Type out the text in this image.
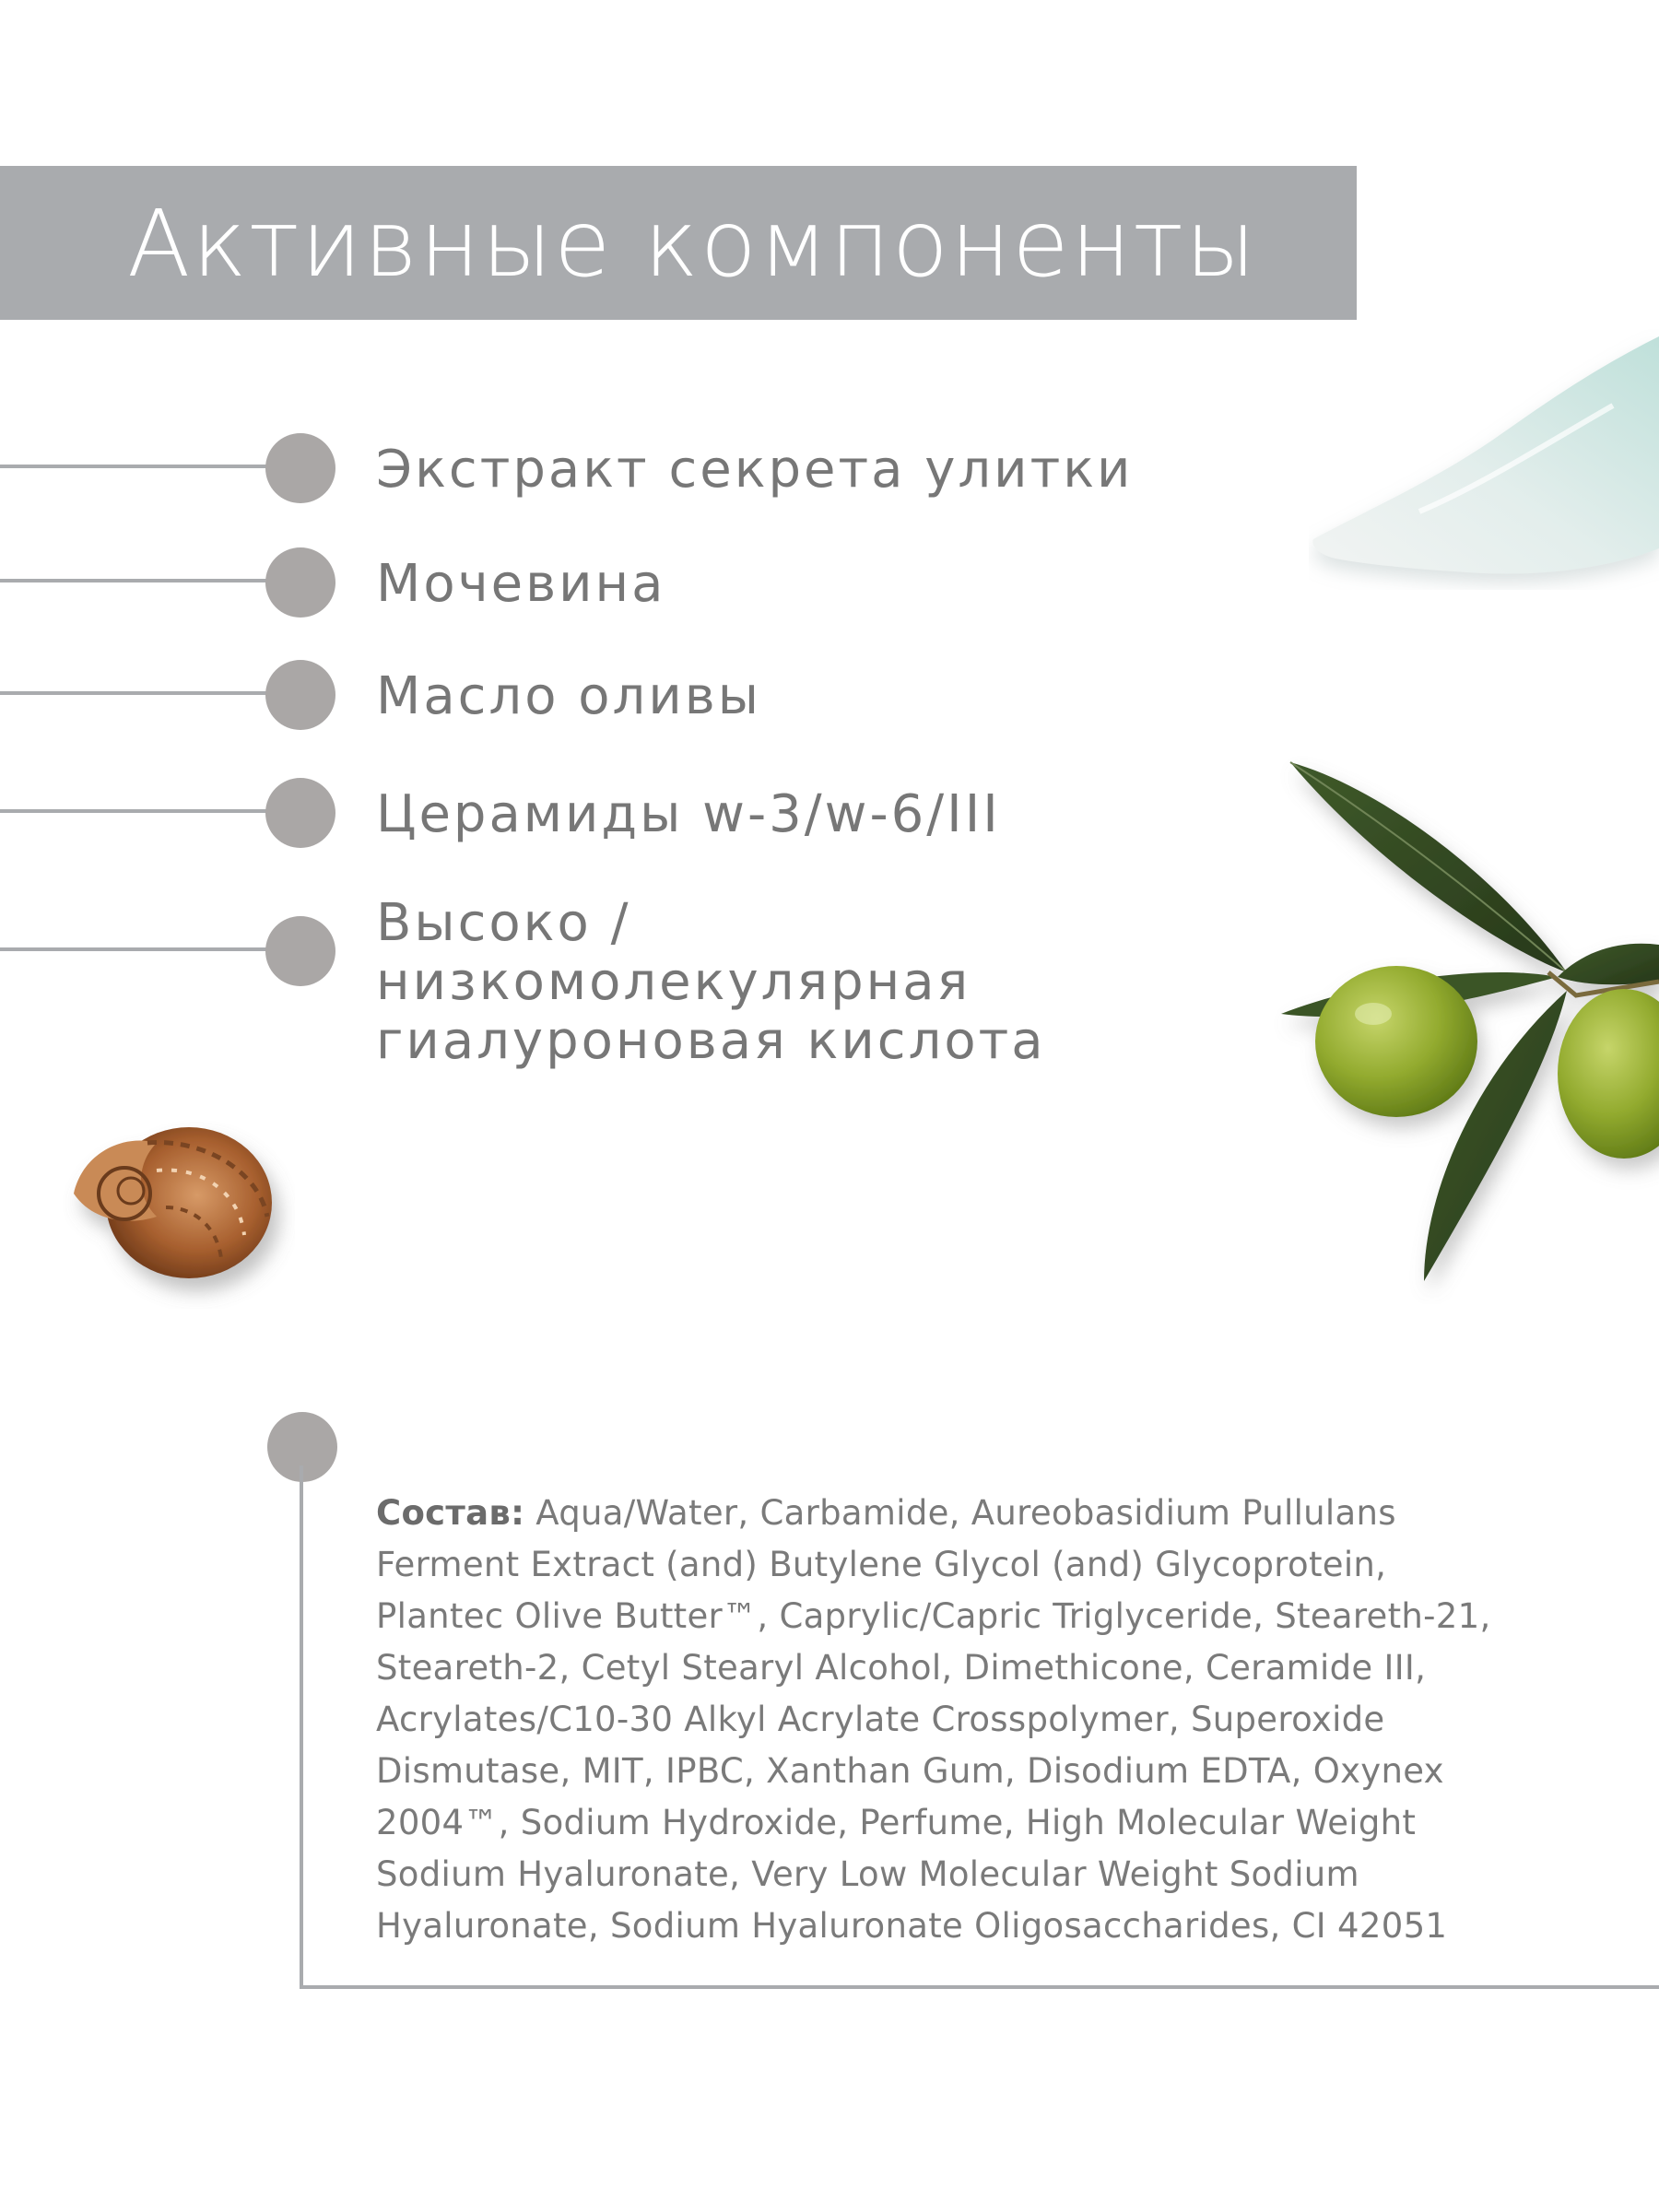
Активные компоненты
Экстракт секрета улитки
Мочевина
Масло оливы
Церамиды w-3/w-6/III
Высоко / низкомолекулярная гиалуроновая кислота
Состав: Aqua/Water, Carbamide, Aureobasidium Pullulans Ferment Extract (and) Butylene Glycol (and) Glycoprotein, Plantec Olive Butter™, Caprylic/Capric Triglyceride, Steareth-21, Steareth-2, Cetyl Stearyl Alcohol, Dimethicone, Ceramide III, Acrylates/C10-30 Alkyl Acrylate Crosspolymer, Superoxide Dismutase, MIT, IPBC, Xanthan Gum, Disodium EDTA, Oxynex 2004™, Sodium Hydroxide, Perfume, High Molecular Weight Sodium Hyaluronate, Very Low Molecular Weight Sodium Hyaluronate, Sodium Hyaluronate Oligosaccharides, CI 42051
